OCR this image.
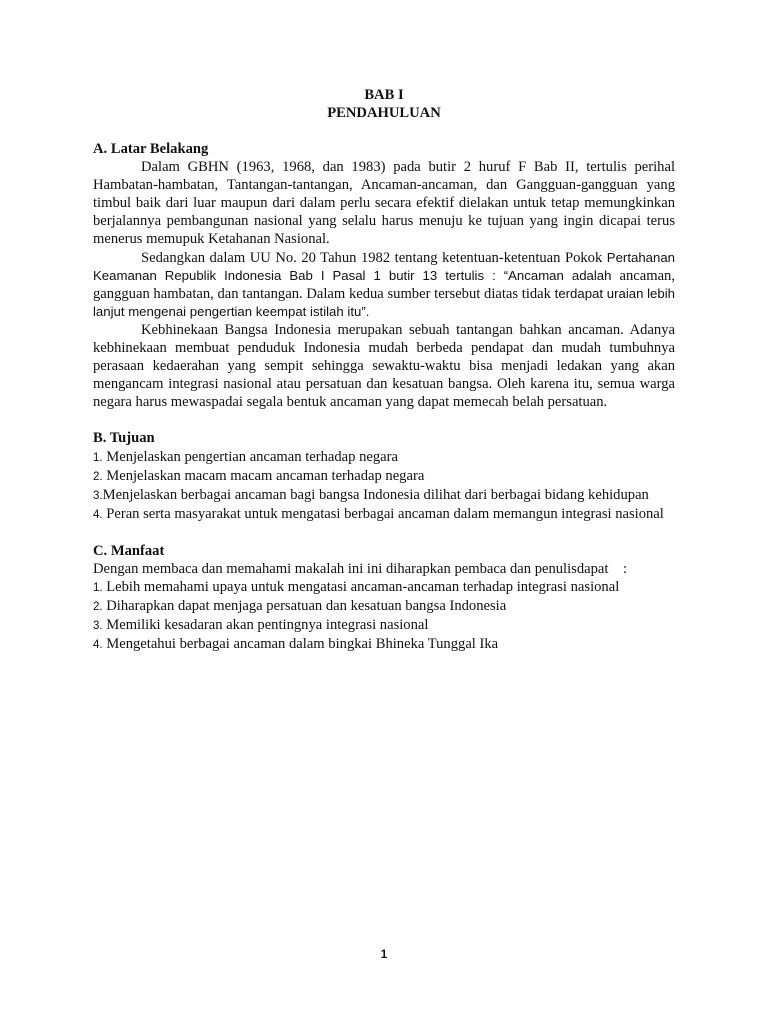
BAB I

PENDAHULUAN

A. Latar Belakang

Dalam GBHN (1963, 1968, dan 1983) pada butir 2 huruf F Bab II, tertulis perihal Hambatan-hambatan, Tantangan-tantangan, Ancaman-ancaman, dan Gangguan-gangguan yang timbul baik dari luar maupun dari dalam perlu secara efektif dielakan untuk tetap memungkinkan berjalannya pembangunan nasional yang selalu harus menuju ke tujuan yang ingin dicapai terus menerus memupuk Ketahanan Nasional.

Sedangkan dalam UU No. 20 Tahun 1982 tentang ketentuan-ketentuan Pokok Pertahanan Keamanan Republik Indonesia Bab I Pasal 1 butir 13 tertulis : “Ancaman adalah ancaman, gangguan hambatan, dan tantangan. Dalam kedua sumber tersebut diatas tidak terdapat uraian lebih lanjut mengenai pengertian keempat istilah itu”.

Kebhinekaan Bangsa Indonesia merupakan sebuah tantangan bahkan ancaman. Adanya kebhinekaan membuat penduduk Indonesia mudah berbeda pendapat dan mudah tumbuhnya perasaan kedaerahan yang sempit sehingga sewaktu-waktu bisa menjadi ledakan yang akan mengancam integrasi nasional atau persatuan dan kesatuan bangsa. Oleh karena itu, semua warga negara harus mewaspadai segala bentuk ancaman yang dapat memecah belah persatuan.

B. Tujuan

1. Menjelaskan pengertian ancaman terhadap negara

2. Menjelaskan macam macam ancaman terhadap negara

3.Menjelaskan berbagai ancaman bagi bangsa Indonesia dilihat dari berbagai bidang kehidupan

4. Peran serta masyarakat untuk mengatasi berbagai ancaman dalam memangun integrasi nasional

C. Manfaat

Dengan membaca dan memahami makalah ini ini diharapkan pembaca dan penulisdapat :

1. Lebih memahami upaya untuk mengatasi ancaman-ancaman terhadap integrasi nasional

2. Diharapkan dapat menjaga persatuan dan kesatuan bangsa Indonesia

3. Memiliki kesadaran akan pentingnya integrasi nasional

4. Mengetahui berbagai ancaman dalam bingkai Bhineka Tunggal Ika

1
